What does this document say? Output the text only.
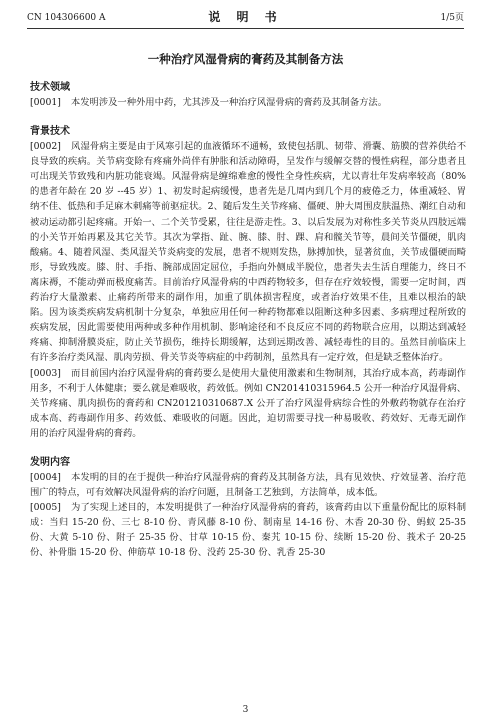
CN 104306600 A	说 明 书	1/5页
一种治疗风湿骨病的膏药及其制备方法
技术领域

[0001] 本发明涉及一种外用中药，尤其涉及一种治疗风湿骨病的膏药及其制备方法。

背景技术

[0002] 风湿骨病主要是由于风寒引起的血液循环不通畅，致使包括肌、韧带、滑囊、筋膜的营养供给不良导致的疾病。关节病变除有疼痛外尚伴有肿胀和活动障碍，呈发作与缓解交替的慢性病程，部分患者且可出现关节致残和内脏功能衰竭。风湿骨病是缠绵难愈的慢性全身性疾病，尤以青壮年发病率较高（80%的患者年龄在 20 岁 --45 岁）1、初发时起病缓慢，患者先是几周内到几个月的疲倦乏力，体重减轻、胃纳不佳、低热和手足麻木刺痛等前驱症状。2、随后发生关节疼痛、僵硬、肿大周围皮肤温热、潮红自动和被动运动都引起疼痛。开始一、二个关节受累，往往是游走性。3、以后发展为对称性多关节炎从四肢远端的小关节开始再累及其它关节。其次为掌指、趾、腕、膝、肘、踝、肩和髋关节等，晨间关节僵硬，肌肉酸痛。4、随着风湿、类风湿关节炎病变的发展，患者不规则发热，脉搏加快，显著贫血，关节成僵硬而畸形，导致残废。膝、肘、手指、腕部成固定屈位，手指向外侧成半脱位，患者失去生活自理能力，终日不离床褥，不能动弹而极度痛苦。目前治疗风湿骨病的中西药物较多，但存在疗效较慢，需要一定时间，西药治疗大量激素、止痛药所带来的副作用，加重了肌体损害程度，或者治疗效果不佳，且难以根治的缺陷。因为该类疾病发病机制十分复杂，单独应用任何一种药物都难以阻断这种多因素、多病理过程所致的疾病发展，因此需要使用两种或多种作用机制、影响途径和不良反应不同的药物联合应用，以期达到减轻疼痛、抑制滑膜炎症，防止关节损伤，维持长期缓解，达到远期改善、减轻毒性的目的。虽然目前临床上有许多治疗类风湿、肌肉劳损、骨关节炎等病症的中药制剂，虽然具有一定疗效，但是缺乏整体治疗。

[0003] 而目前国内治疗风湿骨病的膏药要么是使用大量使用激素和生物制剂，其治疗成本高，药毒副作用多，不利于人体健康；要么就是难吸收，药效低。例如 CN201410315964.5 公开一种治疗风湿骨病、关节疼痛、肌肉损伤的膏药和 CN201210310687.X 公开了治疗风湿骨病综合性的外敷药物就存在治疗成本高、药毒副作用多、药效低、难吸收的问题。因此，迫切需要寻找一种易吸收、药效好、无毒无副作用的治疗风湿骨病的膏药。

发明内容

[0004] 本发明的目的在于提供一种治疗风湿骨病的膏药及其制备方法，具有见效快、疗效显著、治疗范围广的特点，可有效解决风湿骨病的治疗问题，且制备工艺独到，方法简单，成本低。

[0005] 为了实现上述目的，本发明提供了一种治疗风湿骨病的膏药，该膏药由以下重量份配比的原料制成：当归 15-20 份、三七 8-10 份、青风藤 8-10 份、制南星 14-16 份、木香 20-30 份、蚂蚁 25-35 份、大黄 5-10 份、附子 25-35 份、甘草 10-15 份、秦艽 10-15 份、续断 15-20 份、莪术子 20-25 份、补骨脂 15-20 份、伸筋草 10-18 份、没药 25-30 份、乳香 25-30

3
